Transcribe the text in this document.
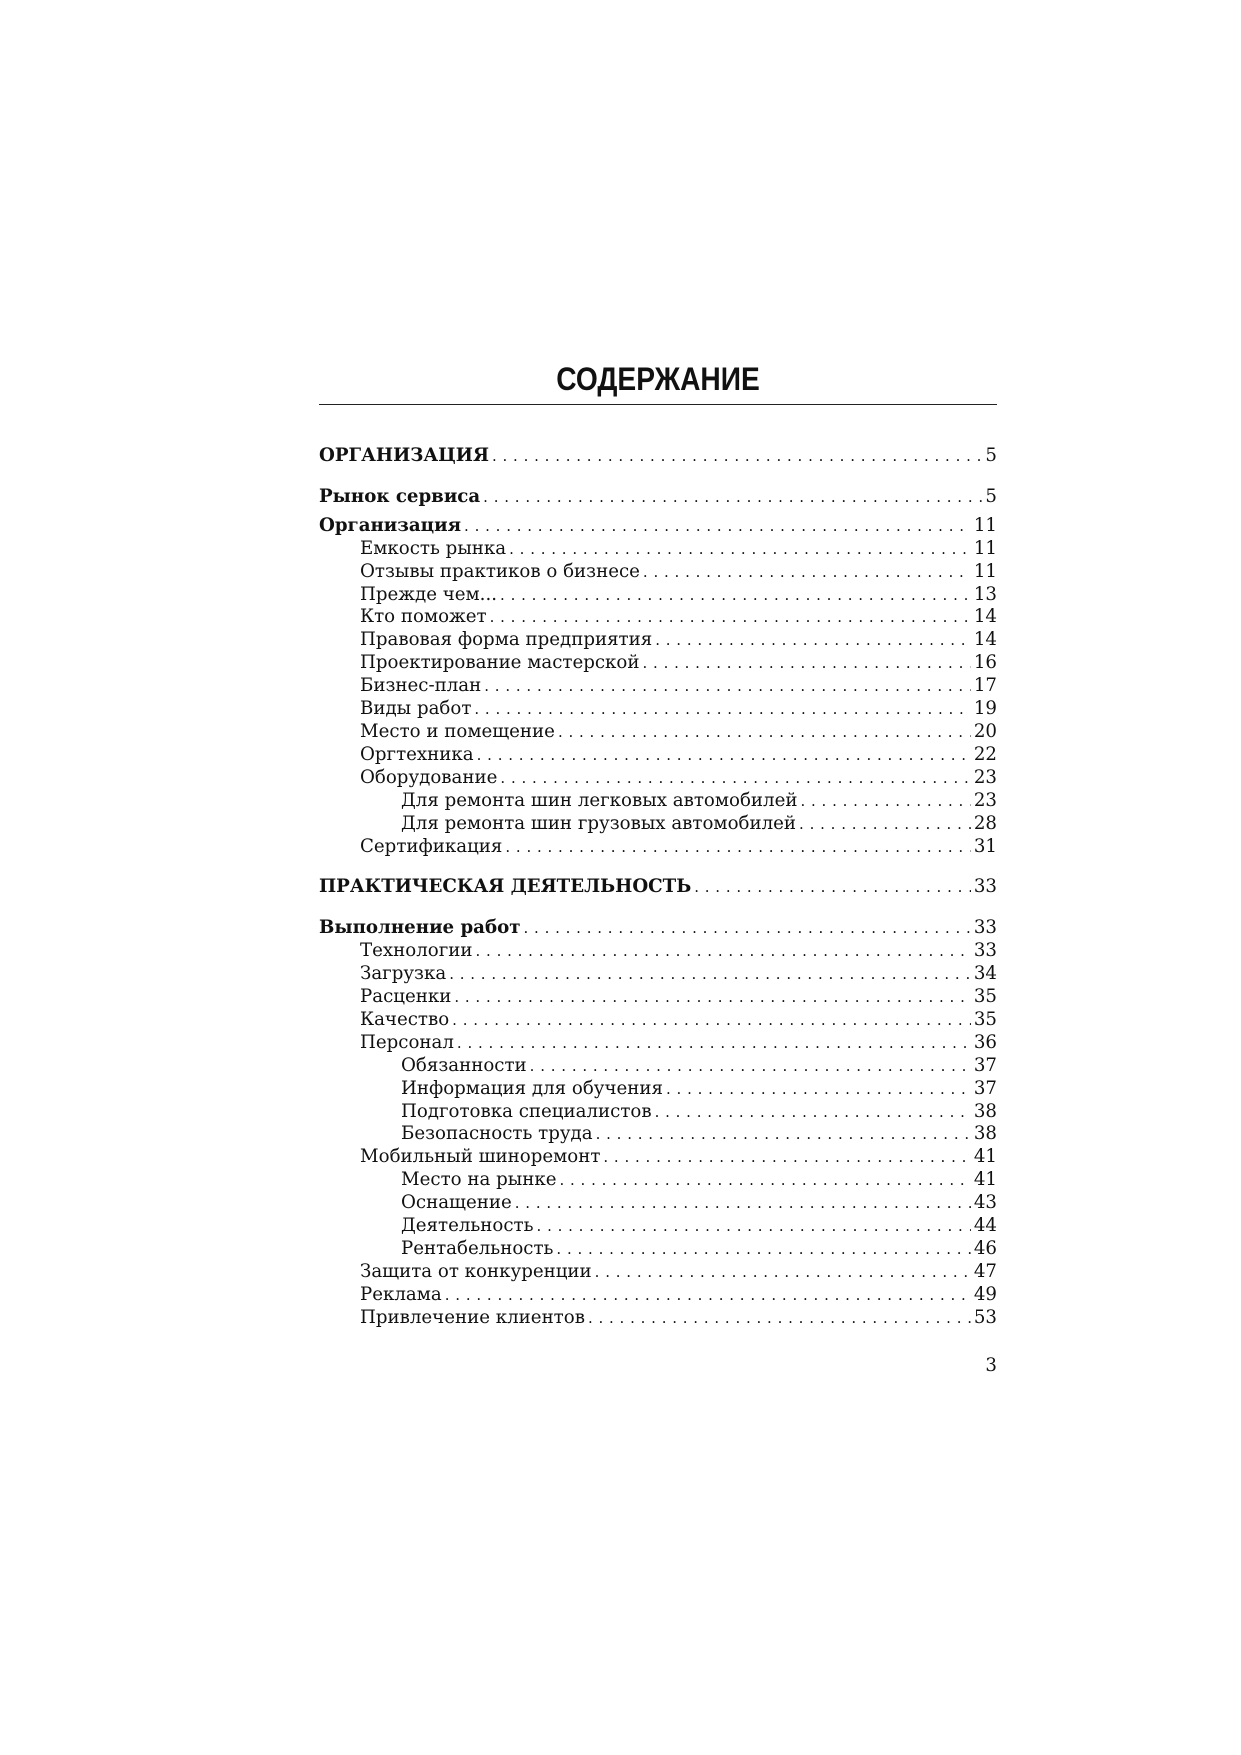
СОДЕРЖАНИЕ
ОРГАНИЗАЦИЯ . . .	5
Рынок сервиса . . .	5
Организация . . .	11
Емкость рынка . . .	11
Отзывы практиков о бизнесе . . .	11
Прежде чем... . . .	13
Кто поможет . . .	14
Правовая форма предприятия . . .	14
Проектирование мастерской . . .	16
Бизнес-план . . .	17
Виды работ . . .	19
Место и помещение . . .	20
Оргтехника . . .	22
Оборудование . . .	23
Для ремонта шин легковых автомобилей . . .	23
Для ремонта шин грузовых автомобилей . . .	28
Сертификация . . .	31
ПРАКТИЧЕСКАЯ ДЕЯТЕЛЬНОСТЬ . . .	33
Выполнение работ . . .	33
Технологии . . .	33
Загрузка . . .	34
Расценки . . .	35
Качество . . .	35
Персонал . . .	36
Обязанности . . .	37
Информация для обучения . . .	37
Подготовка специалистов . . .	38
Безопасность труда . . .	38
Мобильный шиноремонт . . .	41
Место на рынке . . .	41
Оснащение . . .	43
Деятельность . . .	44
Рентабельность . . .	46
Защита от конкуренции . . .	47
Реклама . . .	49
Привлечение клиентов . . .	53
3
